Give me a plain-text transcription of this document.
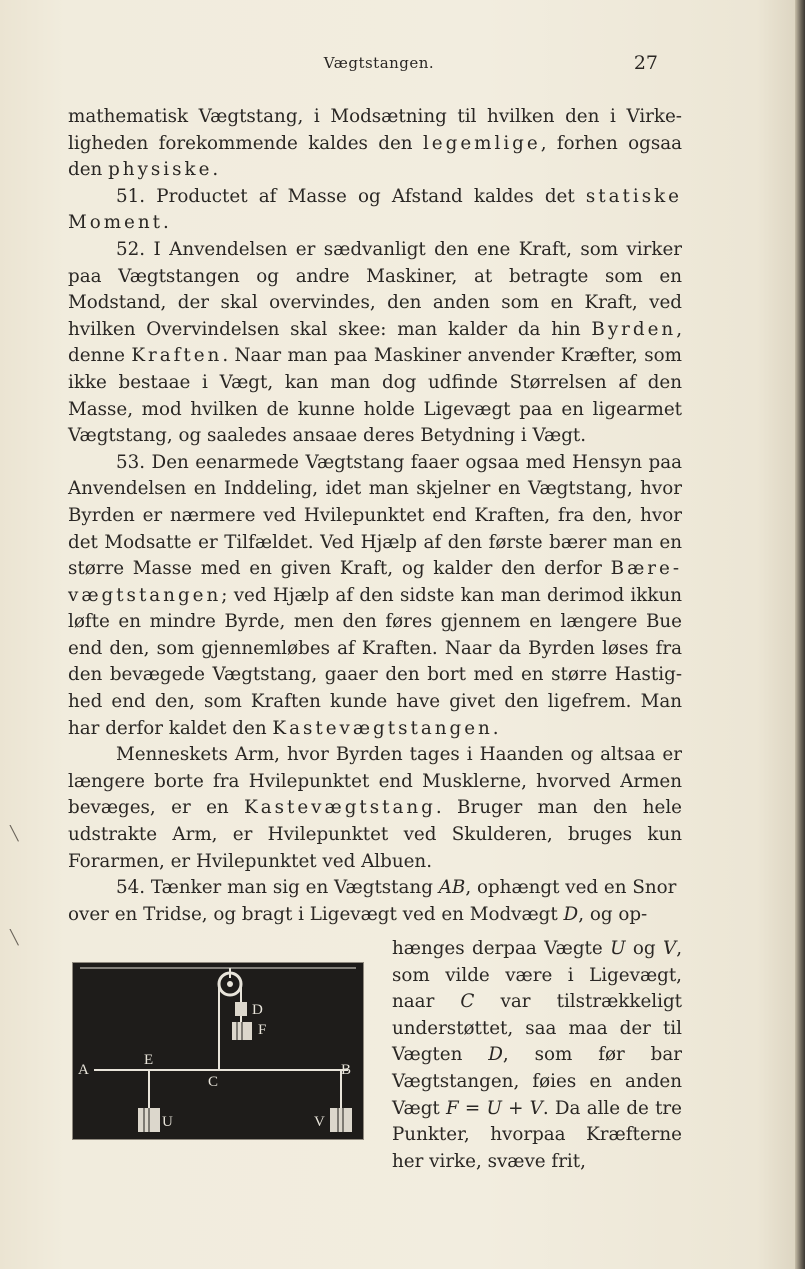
Vægtstangen.	27
╲
╲

mathematisk Vægtstang, i Modsætning til hvilken den i Virke-ligheden forekommende kaldes den legemlige, forhen ogsaa den physiske.

51. Productet af Masse og Afstand kaldes det statiske Moment.

52. I Anvendelsen er sædvanligt den ene Kraft, som virker paa Vægtstangen og andre Maskiner, at betragte som en Modstand, der skal overvindes, den anden som en Kraft, ved hvilken Overvindelsen skal skee: man kalder da hin Byrden, denne Kraften. Naar man paa Maskiner anvender Kræfter, som ikke bestaae i Vægt, kan man dog udfinde Størrelsen af den Masse, mod hvilken de kunne holde Ligevægt paa en ligearmet Vægtstang, og saaledes ansaae deres Betydning i Vægt.

53. Den eenarmede Vægtstang faaer ogsaa med Hensyn paa Anvendelsen en Inddeling, idet man skjelner en Vægtstang, hvor Byrden er nærmere ved Hvilepunktet end Kraften, fra den, hvor det Modsatte er Tilfældet. Ved Hjælp af den første bærer man en større Masse med en given Kraft, og kalder den derfor Bære-vægtstangen; ved Hjælp af den sidste kan man derimod ikkun løfte en mindre Byrde, men den føres gjennem en længere Bue end den, som gjennemløbes af Kraften. Naar da Byrden løses fra den bevægede Vægtstang, gaaer den bort med en større Hastig-hed end den, som Kraften kunde have givet den ligefrem. Man har derfor kaldet den Kastevægtstangen.

Menneskets Arm, hvor Byrden tages i Haanden og altsaa er længere borte fra Hvilepunktet end Musklerne, hvorved Armen bevæges, er en Kastevægtstang. Bruger man den hele udstrakte Arm, er Hvilepunktet ved Skulderen, bruges kun Forarmen, er Hvilepunktet ved Albuen.

54. Tænker man sig en Vægtstang AB, ophængt ved en Snor over en Tridse, og bragt i Ligevægt ved en Modvægt D, og op-

D
F
A
E
B
C
U	V

hænges derpaa Vægte U og V, som vilde være i Ligevægt, naar C var tilstrækkeligt understøttet, saa maa der til Vægten D, som før bar Vægtstangen, føies en anden Vægt F = U + V. Da alle de tre Punkter, hvorpaa Kræfterne her virke, svæve frit,
